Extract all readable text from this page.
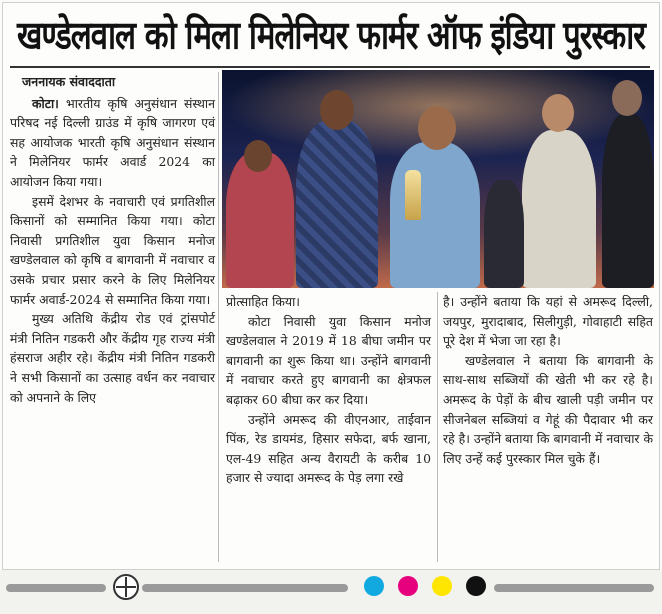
खण्डेलवाल को मिला मिलेनियर फार्मर ऑफ इंडिया पुरस्कार

जननायक संवाददाता

कोटा। भारतीय कृषि अनुसंधान संस्थान परिषद नई दिल्ली ग्राउंड में कृषि जागरण एवं सह आयोजक भारती कृषि अनुसंधान संस्थान ने मिलेनियर फार्मर अवार्ड 2024 का आयोजन किया गया।

इसमें देशभर के नवाचारी एवं प्रगतिशील किसानों को सम्मानित किया गया। कोटा निवासी प्रगतिशील युवा किसान मनोज खण्डेलवाल को कृषि व बागवानी में नवाचार व उसके प्रचार प्रसार करने के लिए मिलेनियर फार्मर अवार्ड-2024 से सम्मानित किया गया।

मुख्य अतिथि केंद्रीय रोड एवं ट्रांसपोर्ट मंत्री नितिन गडकरी और केंद्रीय गृह राज्य मंत्री हंसराज अहीर रहे। केंद्रीय मंत्री नितिन गडकरी ने सभी किसानों का उत्साह वर्धन कर नवाचार को अपनाने के लिए

प्रोत्साहित किया।

कोटा निवासी युवा किसान मनोज खण्डेलवाल ने 2019 में 18 बीघा जमीन पर बागवानी का शुरू किया था। उन्होंने बागवानी में नवाचार करते हुए बागवानी का क्षेत्रफल बढ़ाकर 60 बीघा कर कर दिया।

उन्होंने अमरूद की वीएनआर, ताईवान पिंक, रेड डायमंड, हिसार सफेदा, बर्फ खाना, एल-49 सहित अन्य वैरायटी के करीब 10 हजार से ज्यादा अमरूद के पेड़ लगा रखे

है। उन्होंने बताया कि यहां से अमरूद दिल्ली, जयपुर, मुरादाबाद, सिलीगुड़ी, गोवाहाटी सहित पूरे देश में भेजा जा रहा है।

खण्डेलवाल ने बताया कि बागवानी के साथ-साथ सब्जियों की खेती भी कर रहे है। अमरूद के पेड़ों के बीच खाली पड़ी जमीन पर सीजनेबल सब्जियां व गेहूं की पैदावार भी कर रहे है। उन्होंने बताया कि बागवानी में नवाचार के लिए उन्हें कई पुरस्कार मिल चुके हैं।
